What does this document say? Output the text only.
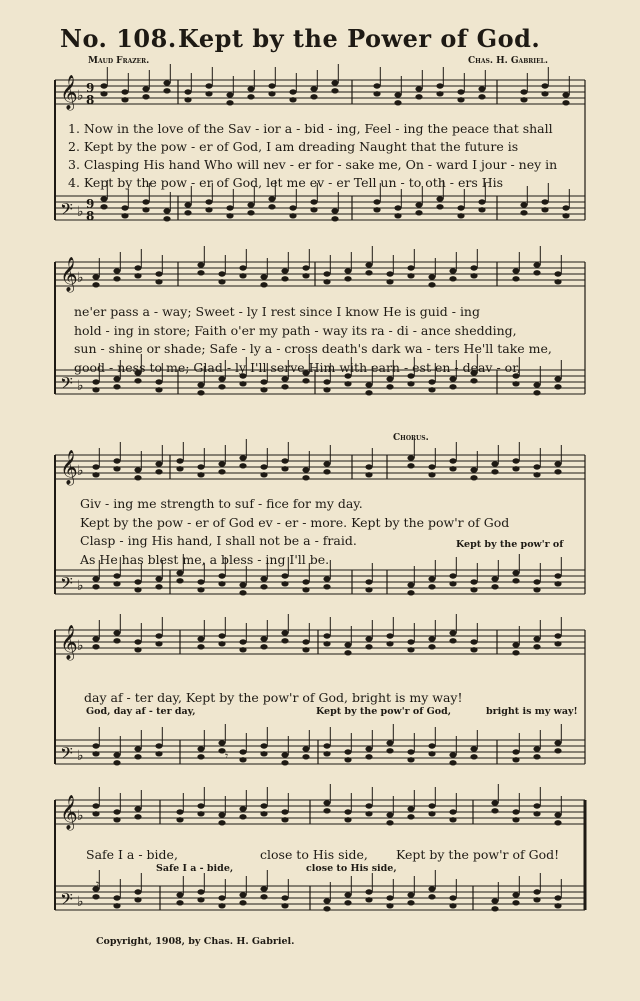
𝄞 ♭ 9
8
𝄢 ♭ 9
8
𝄞 ♭
𝄢 ♭
𝄞 ♭
𝄢 ♭
𝄞 ♭
𝄢 ♭
𝄞 ♭
𝄢 ♭
𝄾
𝄾
No. 108. Kept by the Power of God.
Maud Frazer.	Chas. H. Gabriel.
1. Now in the love of the Sav - ior a - bid - ing, Feel - ing the peace that shall
2. Kept by the pow - er of God, I am dreading Naught that the future is
3. Clasping His hand Who will nev - er for - sake me, On - ward I jour - ney in
4. Kept by the pow - er of God, let me ev - er Tell un - to oth - ers His
ne'er pass a - way; Sweet - ly I rest since I know He is guid - ing
hold - ing in store; Faith o'er my path - way its ra - di - ance shedding,
sun - shine or shade; Safe - ly a - cross death's dark wa - ters He'll take me,
good - ness to me; Glad - ly I'll serve Him with earn - est en - deav - or,
Chorus.
Giv - ing me strength to suf - fice for my day.
Kept by the pow - er of God ev - er - more. Kept by the pow'r of God
Clasp - ing His hand, I shall not be a - fraid.
As He has blest me, a bless - ing I'll be.
Kept by the pow'r of
day af - ter day, Kept by the pow'r of God, bright is my way!
God, day af - ter day,	Kept by the pow'r of God,	bright is my way!
Safe I a - bide,	close to His side, Kept by the pow'r of God!
Safe I a - bide,	close to His side,
Copyright, 1908, by Chas. H. Gabriel.
